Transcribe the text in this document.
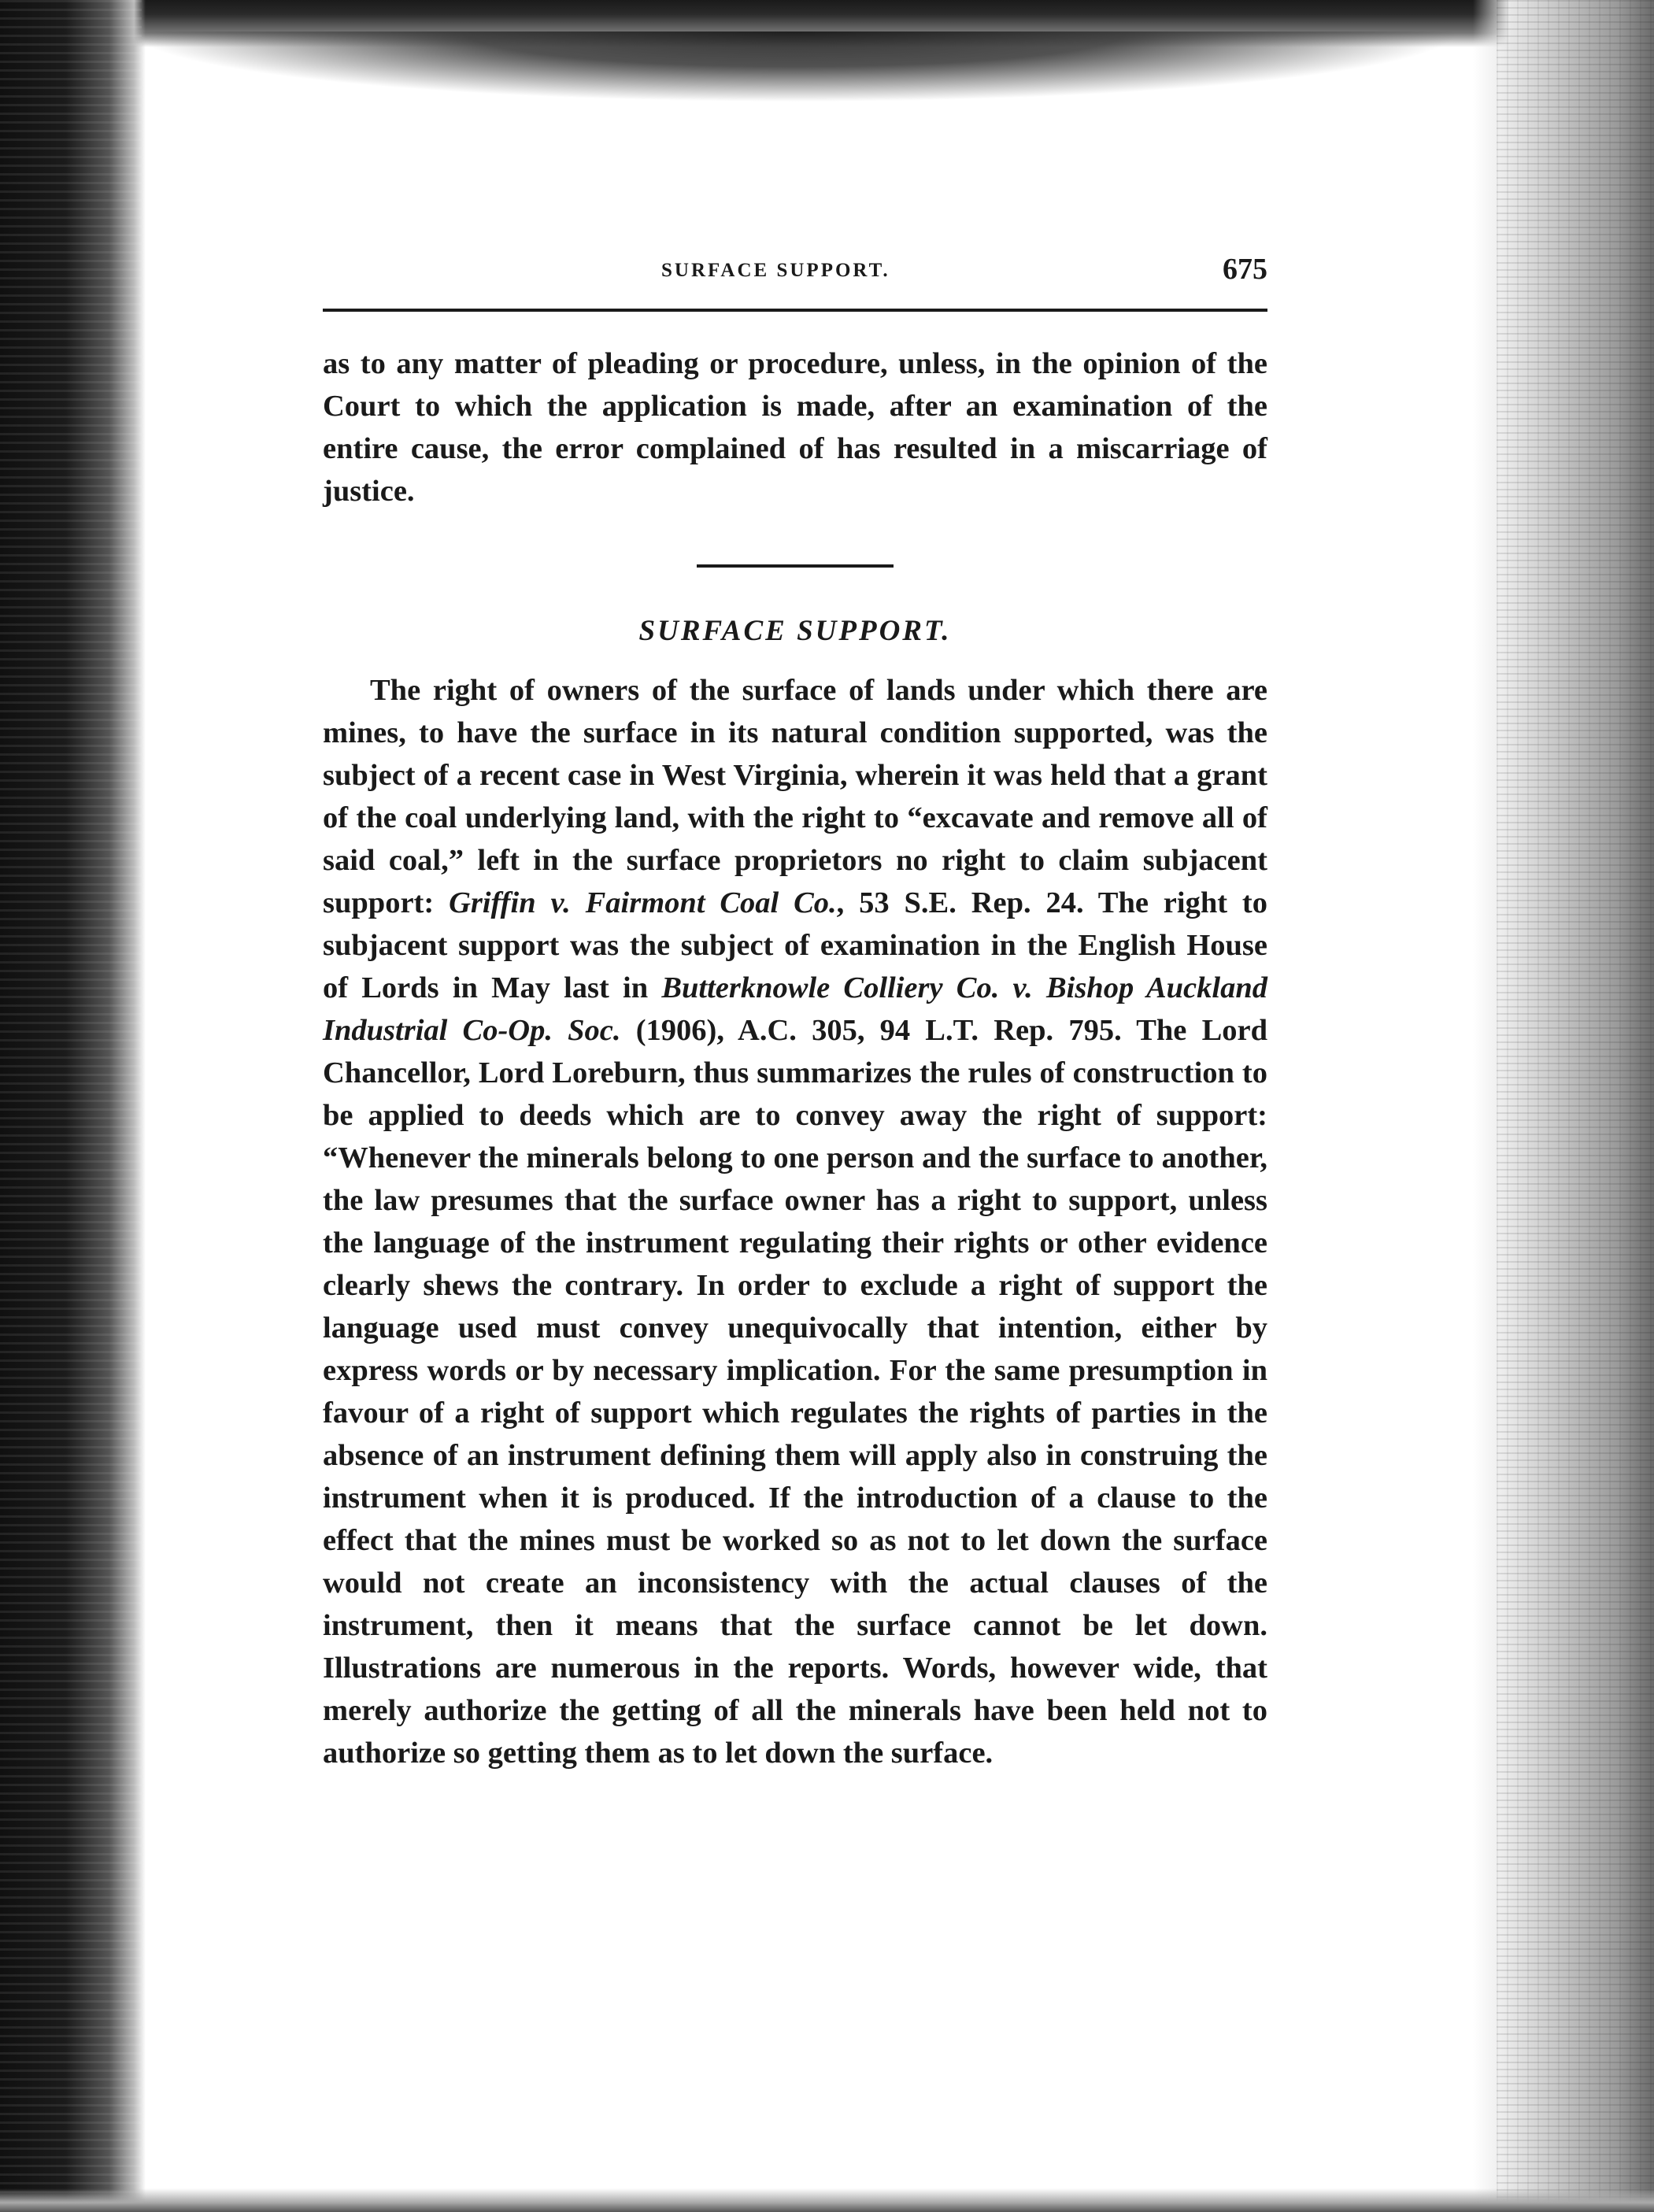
SURFACE SUPPORT.	675

as to any matter of pleading or procedure, unless, in the opinion of the Court to which the application is made, after an examination of the entire cause, the error complained of has resulted in a miscarriage of justice.

SURFACE SUPPORT.

The right of owners of the surface of lands under which there are mines, to have the surface in its natural condition supported, was the subject of a recent case in West Virginia, wherein it was held that a grant of the coal underlying land, with the right to “excavate and remove all of said coal,” left in the surface proprietors no right to claim subjacent support: Griffin v. Fairmont Coal Co., 53 S.E. Rep. 24. The right to subjacent support was the subject of examination in the English House of Lords in May last in Butterknowle Colliery Co. v. Bishop Auckland Industrial Co-Op. Soc. (1906), A.C. 305, 94 L.T. Rep. 795. The Lord Chancellor, Lord Loreburn, thus summarizes the rules of construction to be applied to deeds which are to convey away the right of support: “Whenever the minerals belong to one person and the surface to another, the law presumes that the surface owner has a right to support, unless the language of the instrument regulating their rights or other evidence clearly shews the contrary. In order to exclude a right of support the language used must convey unequivocally that intention, either by express words or by necessary implication. For the same presumption in favour of a right of support which regulates the rights of parties in the absence of an instrument defining them will apply also in construing the instrument when it is produced. If the introduction of a clause to the effect that the mines must be worked so as not to let down the surface would not create an inconsistency with the actual clauses of the instrument, then it means that the surface cannot be let down. Illustrations are numerous in the reports. Words, however wide, that merely authorize the getting of all the minerals have been held not to authorize so getting them as to let down the surface.
